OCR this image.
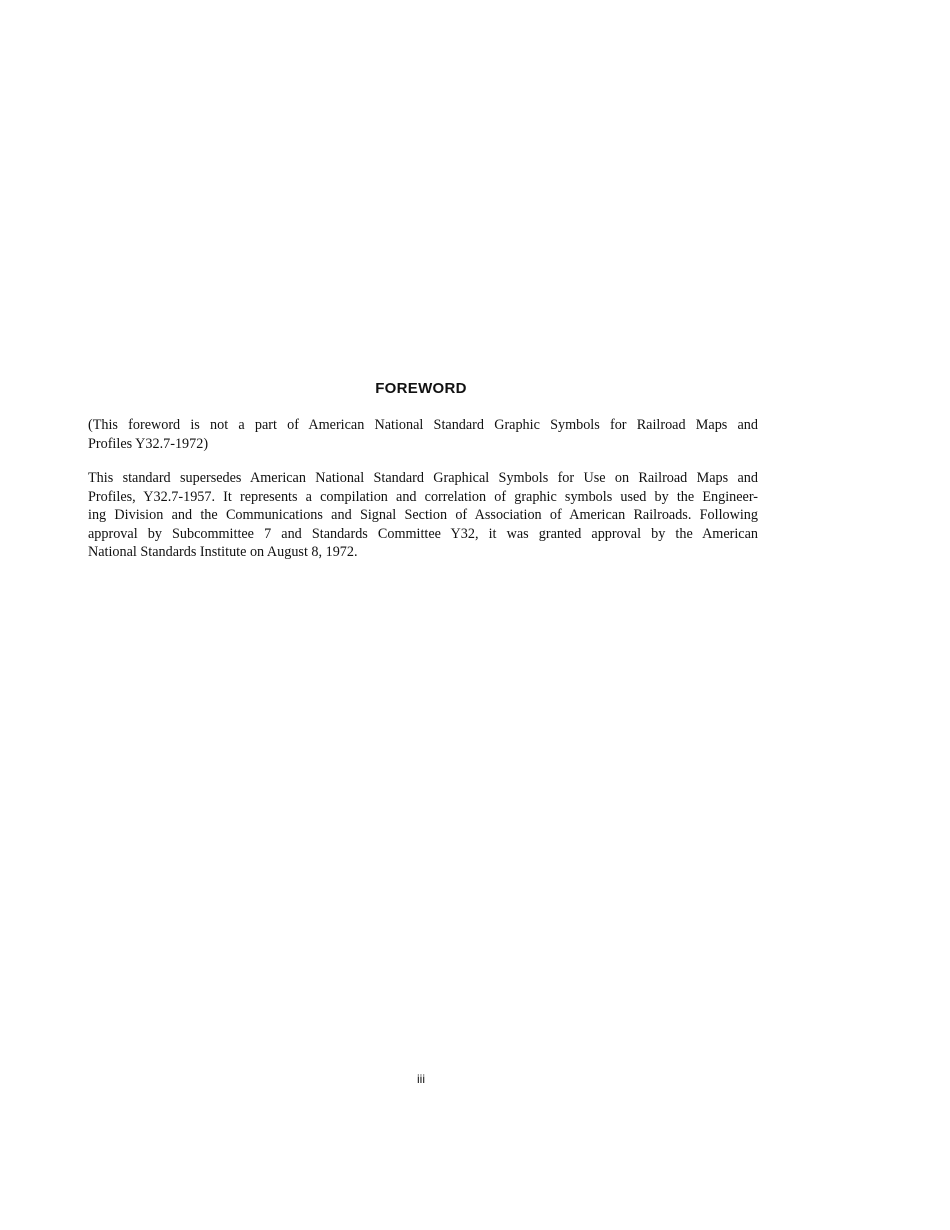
FOREWORD

(This foreword is not a part of American National Standard Graphic Symbols for Railroad Maps and
Profiles Y32.7-1972)

This standard supersedes American National Standard Graphical Symbols for Use on Railroad Maps and
Profiles, Y32.7-1957. It represents a compilation and correlation of graphic symbols used by the Engineer-
ing Division and the Communications and Signal Section of Association of American Railroads. Following
approval by Subcommittee 7 and Standards Committee Y32, it was granted approval by the American
National Standards Institute on August 8, 1972.

iii
